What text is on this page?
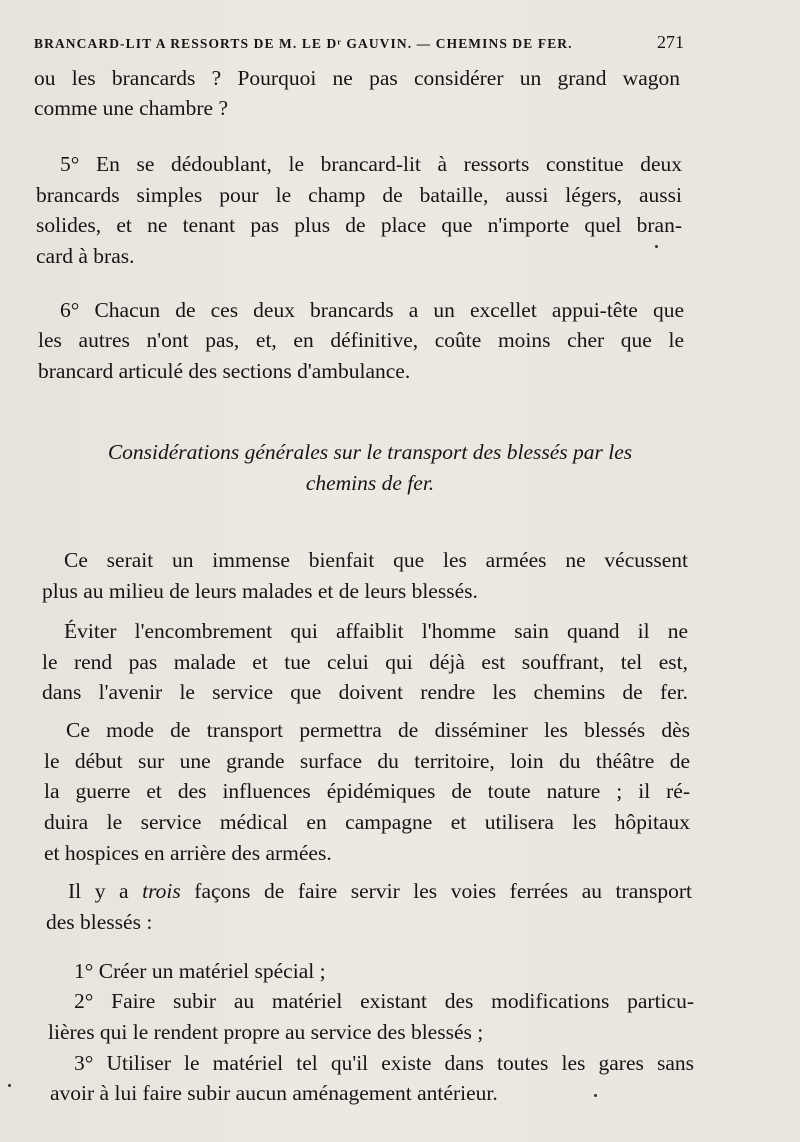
BRANCARD-LIT A RESSORTS DE M. LE Dʳ GAUVIN. — CHEMINS DE FER.	271
ou les brancards ? Pourquoi ne pas considérer un grand wagon
comme une chambre ?
5° En se dédoublant, le brancard-lit à ressorts constitue deux
brancards simples pour le champ de bataille, aussi légers, aussi
solides, et ne tenant pas plus de place que n'importe quel bran-
card à bras.
6° Chacun de ces deux brancards a un excellet appui-tête que
les autres n'ont pas, et, en définitive, coûte moins cher que le
brancard articulé des sections d'ambulance.
Considérations générales sur le transport des blessés par les
chemins de fer.
Ce serait un immense bienfait que les armées ne vécussent
plus au milieu de leurs malades et de leurs blessés.
Éviter l'encombrement qui affaiblit l'homme sain quand il ne
le rend pas malade et tue celui qui déjà est souffrant, tel est,
dans l'avenir le service que doivent rendre les chemins de fer.
Ce mode de transport permettra de disséminer les blessés dès
le début sur une grande surface du territoire, loin du théâtre de
la guerre et des influences épidémiques de toute nature ; il ré-
duira le service médical en campagne et utilisera les hôpitaux
et hospices en arrière des armées.
Il y a trois façons de faire servir les voies ferrées au transport
des blessés :
1° Créer un matériel spécial ;
2° Faire subir au matériel existant des modifications particu-
lières qui le rendent propre au service des blessés ;
3° Utiliser le matériel tel qu'il existe dans toutes les gares sans
avoir à lui faire subir aucun aménagement antérieur.
